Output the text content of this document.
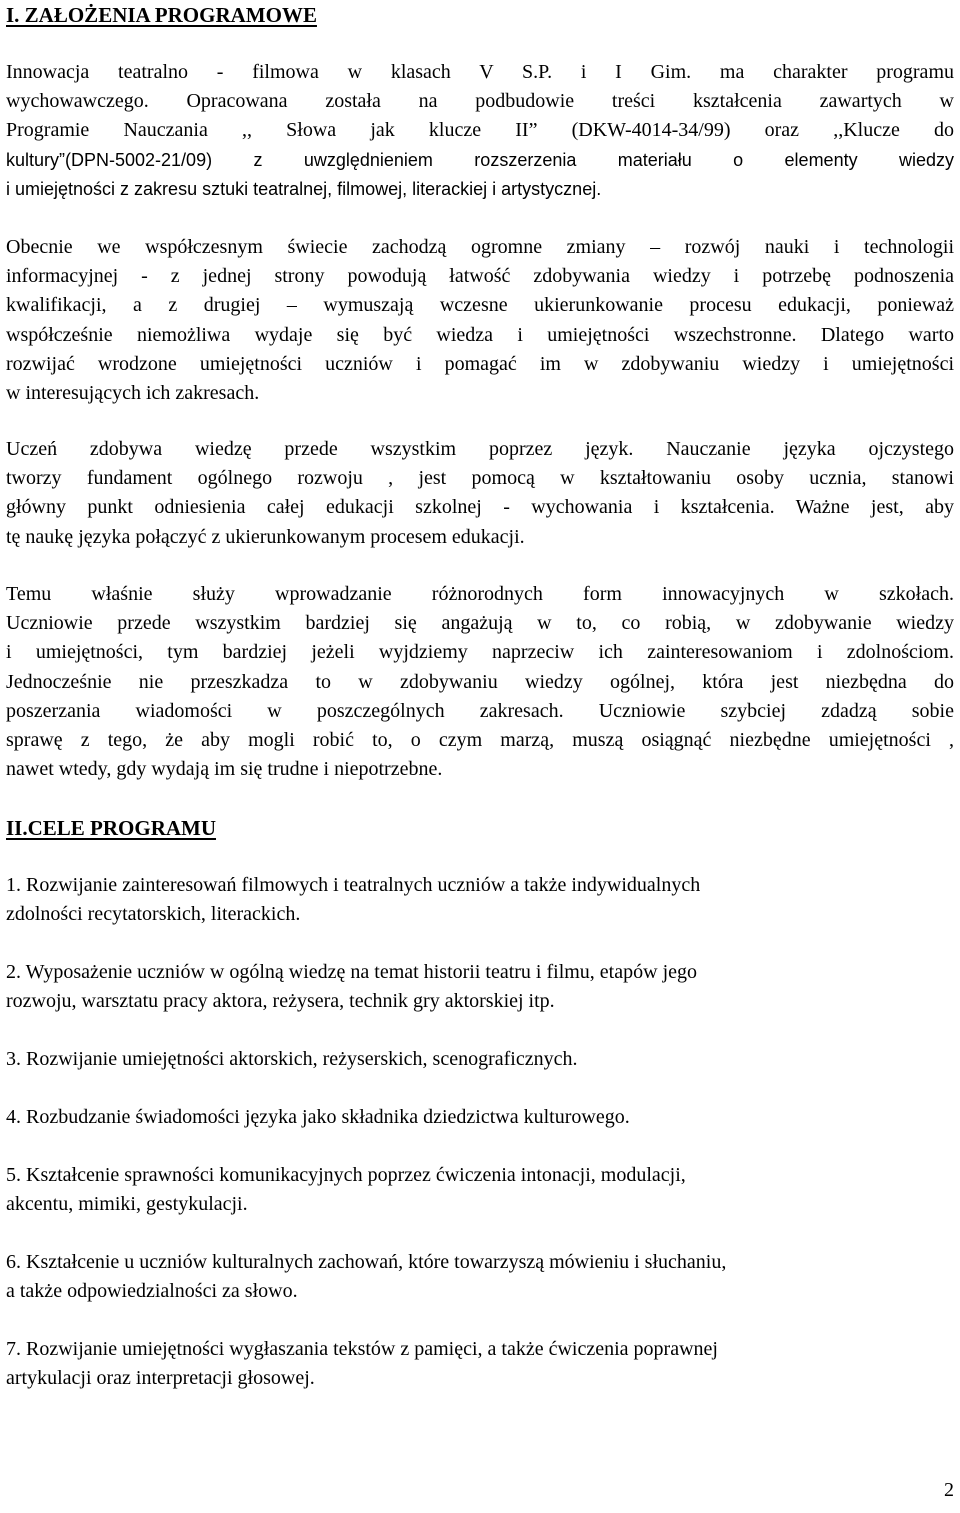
I. ZAŁOŻENIA PROGRAMOWE
Innowacja teatralno - filmowa w klasach V S.P. i I Gim. ma charakter programu
wychowawczego. Opracowana została na podbudowie treści kształcenia zawartych w
Programie Nauczania ,, Słowa jak klucze II” (DKW-4014-34/99) oraz ,,Klucze do
kultury”(DPN-5002-21/09) z uwzględnieniem rozszerzenia materiału o elementy wiedzy
i umiejętności z zakresu sztuki teatralnej, filmowej, literackiej i artystycznej.
Obecnie we współczesnym świecie zachodzą ogromne zmiany – rozwój nauki i technologii
informacyjnej - z jednej strony powodują łatwość zdobywania wiedzy i potrzebę podnoszenia
kwalifikacji, a z drugiej – wymuszają wczesne ukierunkowanie procesu edukacji, ponieważ
współcześnie niemożliwa wydaje się być wiedza i umiejętności wszechstronne. Dlatego warto
rozwijać wrodzone umiejętności uczniów i pomagać im w zdobywaniu wiedzy i umiejętności
w interesujących ich zakresach.
Uczeń zdobywa wiedzę przede wszystkim poprzez język. Nauczanie języka ojczystego
tworzy fundament ogólnego rozwoju , jest pomocą w kształtowaniu osoby ucznia, stanowi
główny punkt odniesienia całej edukacji szkolnej - wychowania i kształcenia. Ważne jest, aby
tę naukę języka połączyć z ukierunkowanym procesem edukacji.
Temu właśnie służy wprowadzanie różnorodnych form innowacyjnych w szkołach.
Uczniowie przede wszystkim bardziej się angażują w to, co robią, w zdobywanie wiedzy
i umiejętności, tym bardziej jeżeli wyjdziemy naprzeciw ich zainteresowaniom i zdolnościom.
Jednocześnie nie przeszkadza to w zdobywaniu wiedzy ogólnej, która jest niezbędna do
poszerzania wiadomości w poszczególnych zakresach. Uczniowie szybciej zdadzą sobie
sprawę z tego, że aby mogli robić to, o czym marzą, muszą osiągnąć niezbędne umiejętności ,
nawet wtedy, gdy wydają im się trudne i niepotrzebne.
II.CELE PROGRAMU
1. Rozwijanie zainteresowań filmowych i teatralnych uczniów a także indywidualnych
zdolności recytatorskich, literackich.
2. Wyposażenie uczniów w ogólną wiedzę na temat historii teatru i filmu, etapów jego
rozwoju, warsztatu pracy aktora, reżysera, technik gry aktorskiej itp.
3. Rozwijanie umiejętności aktorskich, reżyserskich, scenograficznych.
4. Rozbudzanie świadomości języka jako składnika dziedzictwa kulturowego.
5. Kształcenie sprawności komunikacyjnych poprzez ćwiczenia intonacji, modulacji,
akcentu, mimiki, gestykulacji.
6. Kształcenie u uczniów kulturalnych zachowań, które towarzyszą mówieniu i słuchaniu,
a także odpowiedzialności za słowo.
7. Rozwijanie umiejętności wygłaszania tekstów z pamięci, a także ćwiczenia poprawnej
artykulacji oraz interpretacji głosowej.

2
